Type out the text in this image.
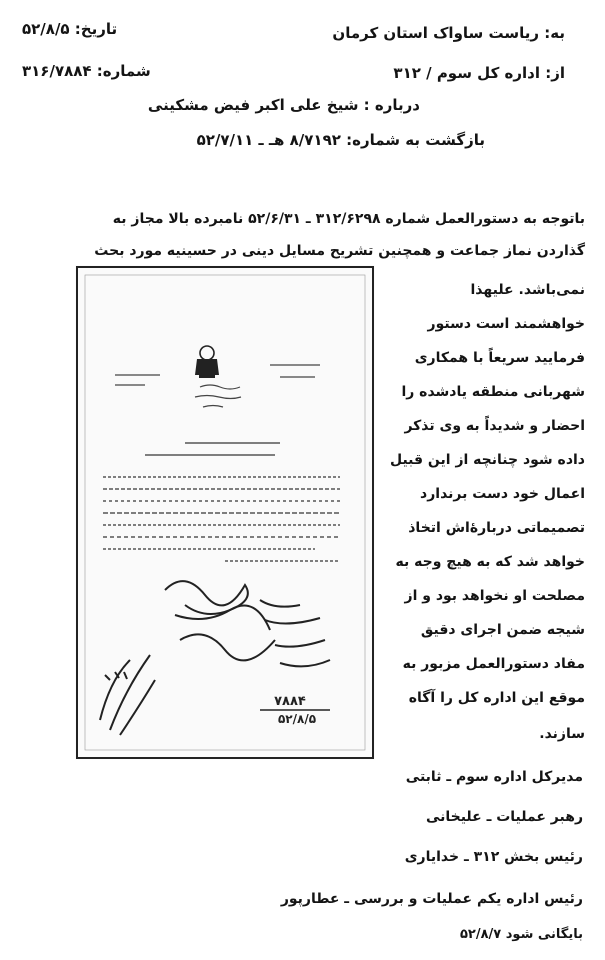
به: ریاست ساواک استان کرمان
تاریخ: ۵۲/۸/۵
از: اداره کل سوم / ۳۱۲
شماره: ۳۱۶/۷۸۸۴
درباره : شیخ علی اکبر فیض مشکینی
بازگشت به شماره: ۸/۷۱۹۲ هـ ـ ۵۲/۷/۱۱
باتوجه به دستورالعمل شماره ۳۱۲/۶۲۹۸ ـ ۵۲/۶/۳۱ نامبرده بالا مجاز به
گذاردن نماز جماعت و همچنین تشریح مسایل دینی در حسینیه مورد بحث
نمی‌باشد. علیهذا
خواهشمند است دستور
فرمایید سریعاً با همکاری
شهربانی منطقه یادشده را
احضار و شدیداً به وی تذکر
داده شود چنانچه از این قبیل
اعمال خود دست برندارد
تصمیماتی دربارهٔ‌اش اتخاذ
خواهد شد که به هیچ وجه به
مصلحت او نخواهد بود و از
شیجه ضمن اجرای دقیق
مفاد دستورالعمل مزبور به
موقع این اداره کل را آگاه
سازند.
مدیرکل اداره سوم ـ ثابتی
رهبر عملیات ـ علیخانی
رئیس بخش ۳۱۲ ـ خدایاری
رئیس اداره یکم عملیات و بررسی ـ عطارپور
بایگانی شود ۵۲/۸/۷
۷۸۸۴
۵۲/۸/۵
